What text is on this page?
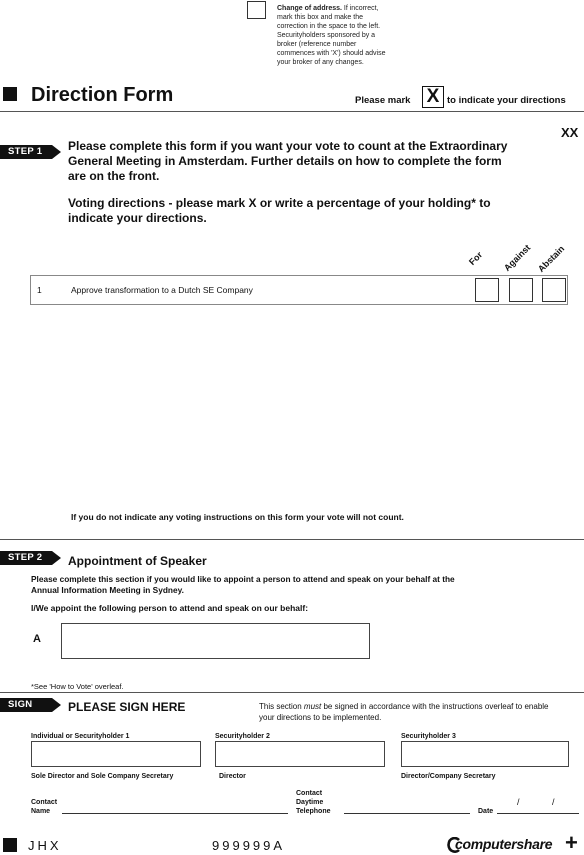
Change of address. If incorrect,
mark this box and make the
correction in the space to the left.
Securityholders sponsored by a
broker (reference number
commences with 'X') should advise
your broker of any changes.
Direction Form	Please mark X to indicate your directions
XX
STEP 1	Please complete this form if you want your vote to count at the Extraordinary
General Meeting in Amsterdam. Further details on how to complete the form
are on the front.
Voting directions - please mark X or write a percentage of your holding* to
indicate your directions.
For Against Abstain
1	Approve transformation to a Dutch SE Company
If you do not indicate any voting instructions on this form your vote will not count.
STEP 2	Appointment of Speaker
Please complete this section if you would like to appoint a person to attend and speak on your behalf at the
Annual Information Meeting in Sydney.
I/We appoint the following person to attend and speak on our behalf:
A
*See 'How to Vote' overleaf.
SIGN	PLEASE SIGN HERE	This section must be signed in accordance with the instructions overleaf to enable
your directions to be implemented.
Individual or Securityholder 1
Sole Director and Sole Company Secretary
Securityholder 2
Director
Securityholder 3
Director/Company Secretary
Contact
Name
Contact
Daytime
Telephone	Date
/	/
JHX	999999A	computershare +
